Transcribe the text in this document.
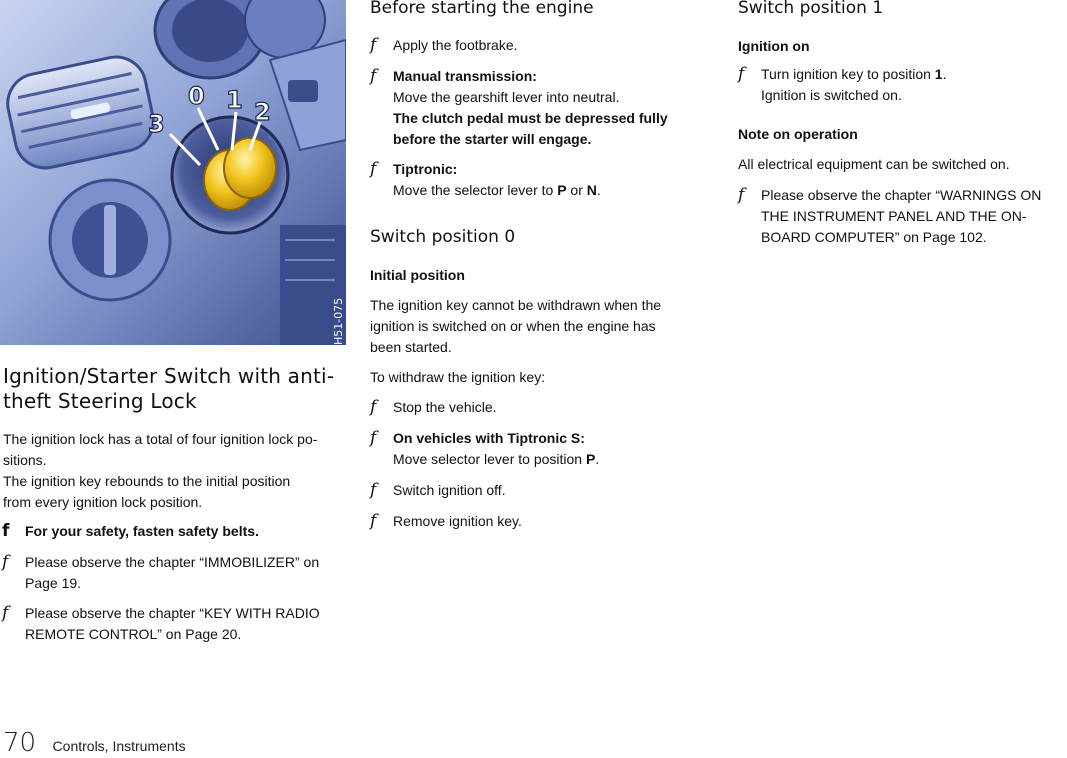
0 1 2
3
H51-075
Ignition/Starter Switch with anti-
theft Steering Lock

The ignition lock has a total of four ignition lock po-

sitions.

The ignition key rebounds to the initial position

from every ignition lock position.

f For your safety, fasten safety belts.
f Please observe the chapter “IMMOBILIZER” on
Page 19.
f Please observe the chapter “KEY WITH RADIO
REMOTE CONTROL” on Page 20.
Before starting the engine
f Apply the footbrake.
f Manual transmission:
Move the gearshift lever into neutral.
The clutch pedal must be depressed fully
before the starter will engage.
f Tiptronic:
Move the selector lever to P or N.
Switch position 0
Initial position

The ignition key cannot be withdrawn when the

ignition is switched on or when the engine has

been started.

To withdraw the ignition key:

f Stop the vehicle.
f On vehicles with Tiptronic S:
Move selector lever to position P.
f Switch ignition off.
f Remove ignition key.
Switch position 1
Ignition on
f Turn ignition key to position 1.
Ignition is switched on.
Note on operation

All electrical equipment can be switched on.

f Please observe the chapter “WARNINGS ON
THE INSTRUMENT PANEL AND THE ON-
BOARD COMPUTER” on Page 102.
70 Controls, Instruments
